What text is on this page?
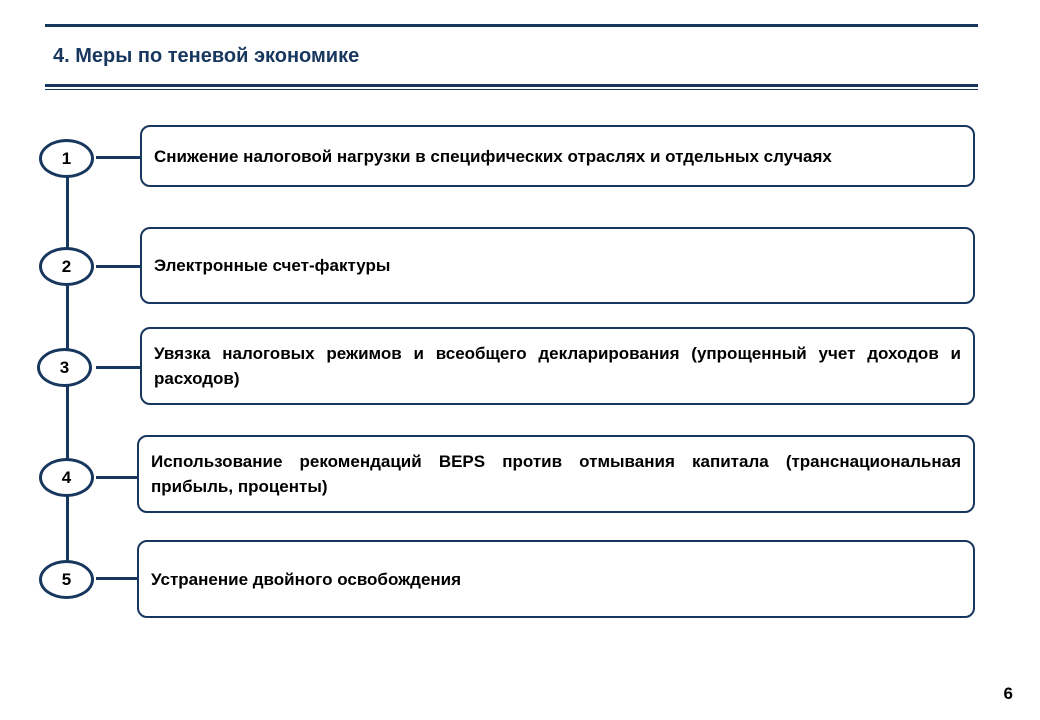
4. Меры по теневой экономике
1	Снижение налоговой нагрузки в специфических отраслях и отдельных случаях
2	Электронные счет-фактуры
3
Увязка налоговых режимов и всеобщего декларирования (упрощенный учет доходов и расходов)
4
Использование рекомендаций BEPS против отмывания капитала (транснациональная прибыль, проценты)
5	Устранение двойного освобождения
6
